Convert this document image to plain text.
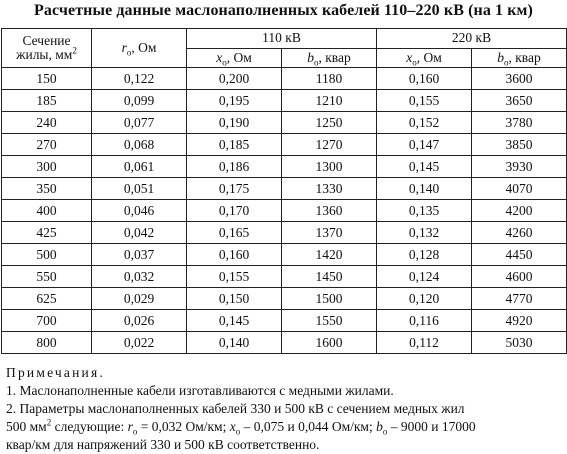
Расчетные данные маслонаполненных кабелей 110–220 кВ (на 1 км)
Сечение
жилы, $мм^2$	$r_o$, Ом	110 кВ		220 кВ	
		$x_o$, Ом	$b_o$, квар	$x_o$, Ом	$b_o$, квар
150	0,122	0,200	1180	0,160	3600
185	0,099	0,195	1210	0,155	3650
240	0,077	0,190	1250	0,152	3780
270	0,068	0,185	1270	0,147	3850
300	0,061	0,186	1300	0,145	3930
350	0,051	0,175	1330	0,140	4070
400	0,046	0,170	1360	0,135	4200
425	0,042	0,165	1370	0,132	4260
500	0,037	0,160	1420	0,128	4450
550	0,032	0,155	1450	0,124	4600
625	0,029	0,150	1500	0,120	4770
700	0,026	0,145	1550	0,116	4920
800	0,022	0,140	1600	0,112	5030

Примечания.

1. Маслонаполненные кабели изготавливаются с медными жилами.

2. Параметры маслонаполненных кабелей 330 и 500 кВ с сечением медных жил

500 $мм^2$ следующие: $r_о = 0,032$ Ом/км; $x_о - 0,075$ и 0,044 Ом/км; $b_о - 9000$ и 17000

квар/км для напряжений 330 и 500 кВ соответственно.
